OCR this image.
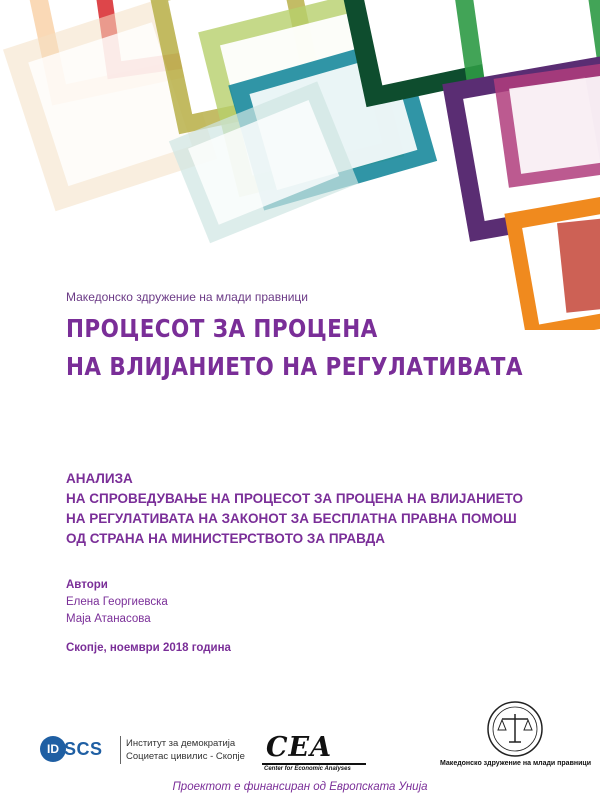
Македонско здружение на млади правници
ПРОЦЕСОТ ЗА ПРОЦЕНА
НА ВЛИЈАНИЕТО НА РЕГУЛАТИВАТА
АНАЛИЗА
НА СПРОВЕДУВАЊЕ НА ПРОЦЕСОТ ЗА ПРОЦЕНА НА ВЛИЈАНИЕТО
НА РЕГУЛАТИВАТА НА ЗАКОНОТ ЗА БЕСПЛАТНА ПРАВНА ПОМОШ
ОД СТРАНА НА МИНИСТЕРСТВОТО ЗА ПРАВДА
Автори
Елена Георгиевска
Маја Атанасова
Скопје, ноември 2018 година
ID SCS Институт за демократија
Социетас цивилис - Скопје CEA
Center for Economic Analyses
Македонско здружение на млади правници
Проектот е финансиран од Европската Унија
